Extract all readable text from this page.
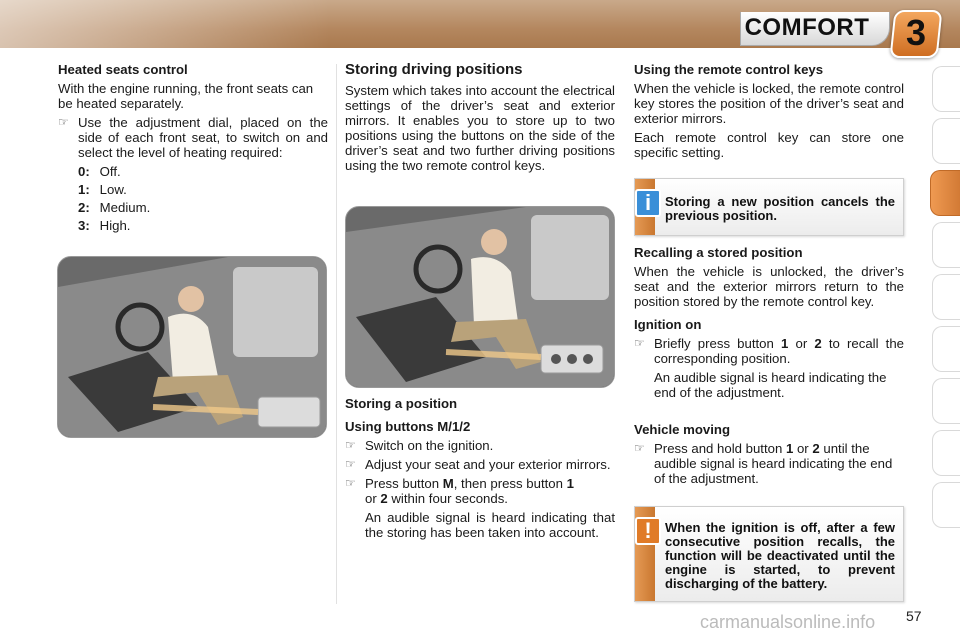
COMFORT	3
Heated seats control

With the engine running, the front seats can be heated separately.

☞ Use the adjustment dial, placed on the side of each front seat, to switch on and select the level of heating required:
0: Off.
1: Low.
2: Medium.
3: High.
Storing driving positions

System which takes into account the electrical settings of the driver’s seat and exterior mirrors. It enables you to store up to two positions using the buttons on the side of the driver’s seat and two further driving positions using the two remote control keys.

Storing a position
Using buttons M/1/2
☞ Switch on the ignition.
☞ Adjust your seat and your exterior mirrors.
☞ Press button M, then press button 1
or 2 within four seconds.

An audible signal is heard indicating that the storing has been taken into account.

Using the remote control keys

When the vehicle is locked, the remote control key stores the position of the driver’s seat and exterior mirrors.

Each remote control key can store one specific setting.

i	Storing a new position cancels the previous position.
Recalling a stored position

When the vehicle is unlocked, the driver’s seat and the exterior mirrors return to the position stored by the remote control key.

Ignition on
☞ Briefly press button 1 or 2 to recall the corresponding position.

An audible signal is heard indicating the end of the adjustment.

Vehicle moving
☞ Press and hold button 1 or 2 until the audible signal is heard indicating the end of the adjustment.
!	When the ignition is off, after a few consecutive position recalls, the function will be deactivated until the engine is started, to prevent discharging of the battery.
carmanualsonline.info 57
